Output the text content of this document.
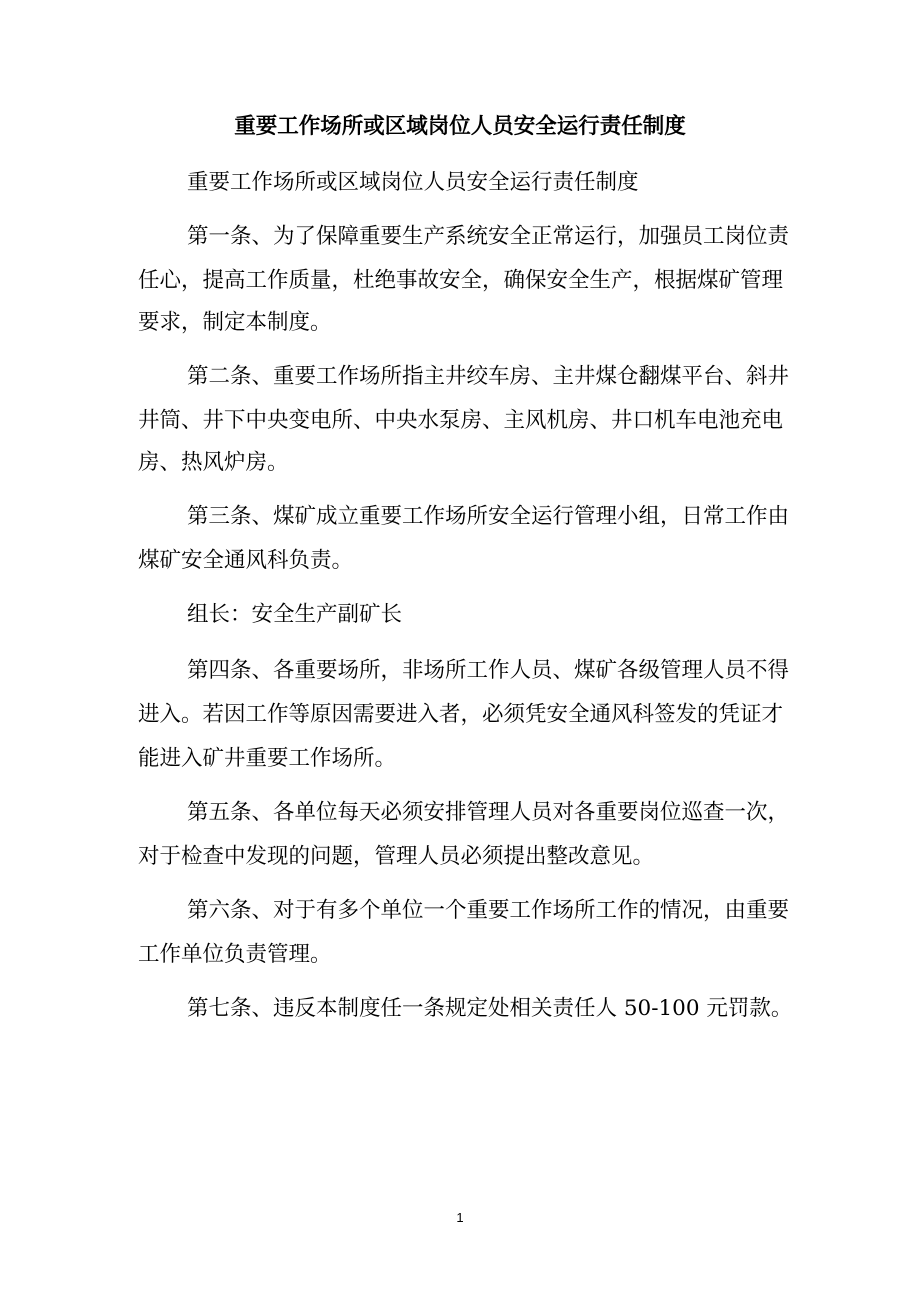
重要工作场所或区域岗位人员安全运行责任制度
重要工作场所或区域岗位人员安全运行责任制度
第一条、为了保障重要生产系统安全正常运行，加强员工岗位责
任心，提高工作质量，杜绝事故安全，确保安全生产，根据煤矿管理
要求，制定本制度。
第二条、重要工作场所指主井绞车房、主井煤仓翻煤平台、斜井
井筒、井下中央变电所、中央水泵房、主风机房、井口机车电池充电
房、热风炉房。
第三条、煤矿成立重要工作场所安全运行管理小组，日常工作由
煤矿安全通风科负责。
组长：安全生产副矿长
第四条、各重要场所，非场所工作人员、煤矿各级管理人员不得
进入。若因工作等原因需要进入者，必须凭安全通风科签发的凭证才
能进入矿井重要工作场所。
第五条、各单位每天必须安排管理人员对各重要岗位巡查一次，
对于检查中发现的问题，管理人员必须提出整改意见。
第六条、对于有多个单位一个重要工作场所工作的情况，由重要
工作单位负责管理。
第七条、违反本制度任一条规定处相关责任人 50-100 元罚款。
1
